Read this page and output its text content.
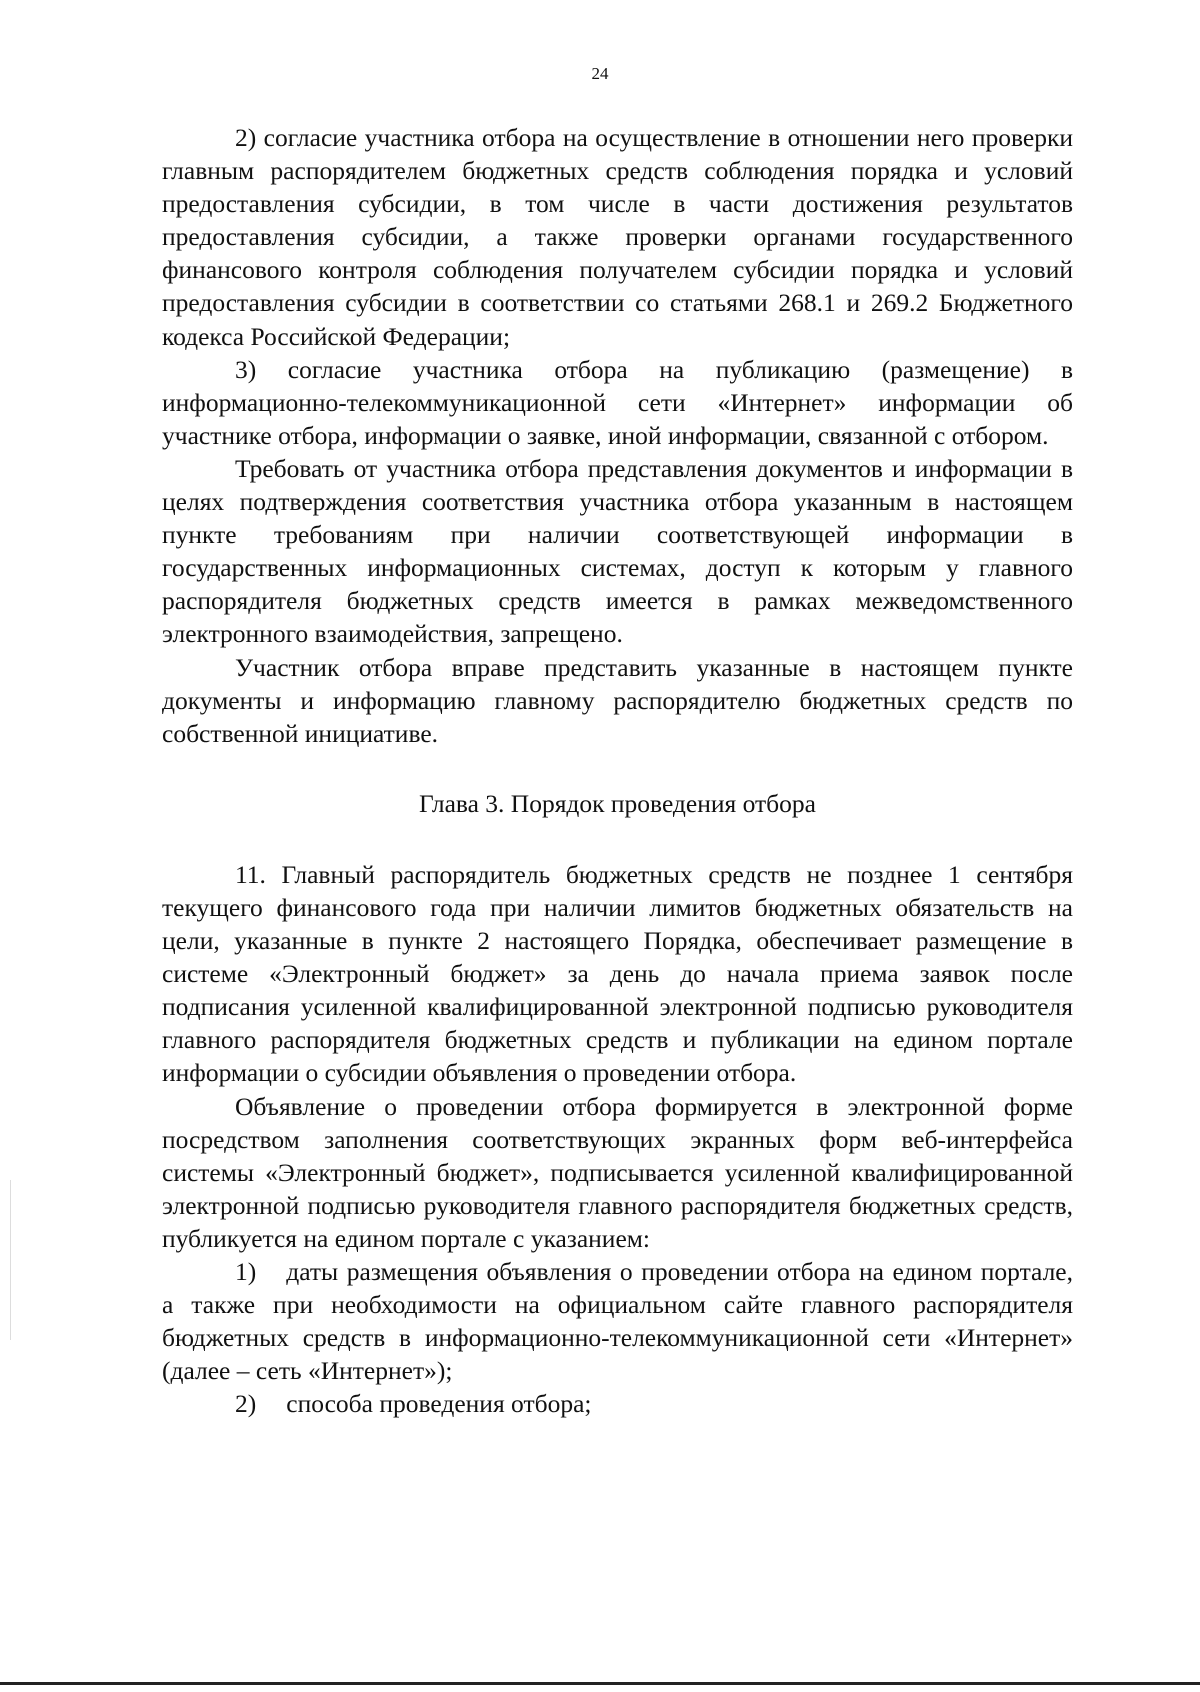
24

2) согласие участника отбора на осуществление в отношении него проверки главным распорядителем бюджетных средств соблюдения порядка и условий предоставления субсидии, в том числе в части достижения результатов предоставления субсидии, а также проверки органами государственного финансового контроля соблюдения получателем субсидии порядка и условий предоставления субсидии в соответствии со статьями 268.1 и 269.2 Бюджетного кодекса Российской Федерации;

3) согласие участника отбора на публикацию (размещение) в информационно-телекоммуникационной сети «Интернет» информации об участнике отбора, информации о заявке, иной информации, связанной с отбором.

Требовать от участника отбора представления документов и информации в целях подтверждения соответствия участника отбора указанным в настоящем пункте требованиям при наличии соответствующей информации в государственных информационных системах, доступ к которым у главного распорядителя бюджетных средств имеется в рамках межведомственного электронного взаимодействия, запрещено.

Участник отбора вправе представить указанные в настоящем пункте документы и информацию главному распорядителю бюджетных средств по собственной инициативе.

Глава 3. Порядок проведения отбора

11. Главный распорядитель бюджетных средств не позднее 1 сентября текущего финансового года при наличии лимитов бюджетных обязательств на цели, указанные в пункте 2 настоящего Порядка, обеспечивает размещение в системе «Электронный бюджет» за день до начала приема заявок после подписания усиленной квалифицированной электронной подписью руководителя главного распорядителя бюджетных средств и публикации на едином портале информации о субсидии объявления о проведении отбора.

Объявление о проведении отбора формируется в электронной форме посредством заполнения соответствующих экранных форм веб-интерфейса системы «Электронный бюджет», подписывается усиленной квалифицированной электронной подписью руководителя главного распорядителя бюджетных средств, публикуется на едином портале с указанием:

1) даты размещения объявления о проведении отбора на едином портале, а также при необходимости на официальном сайте главного распорядителя бюджетных средств в информационно-телекоммуникационной сети «Интернет» (далее – сеть «Интернет»);

2) способа проведения отбора;
